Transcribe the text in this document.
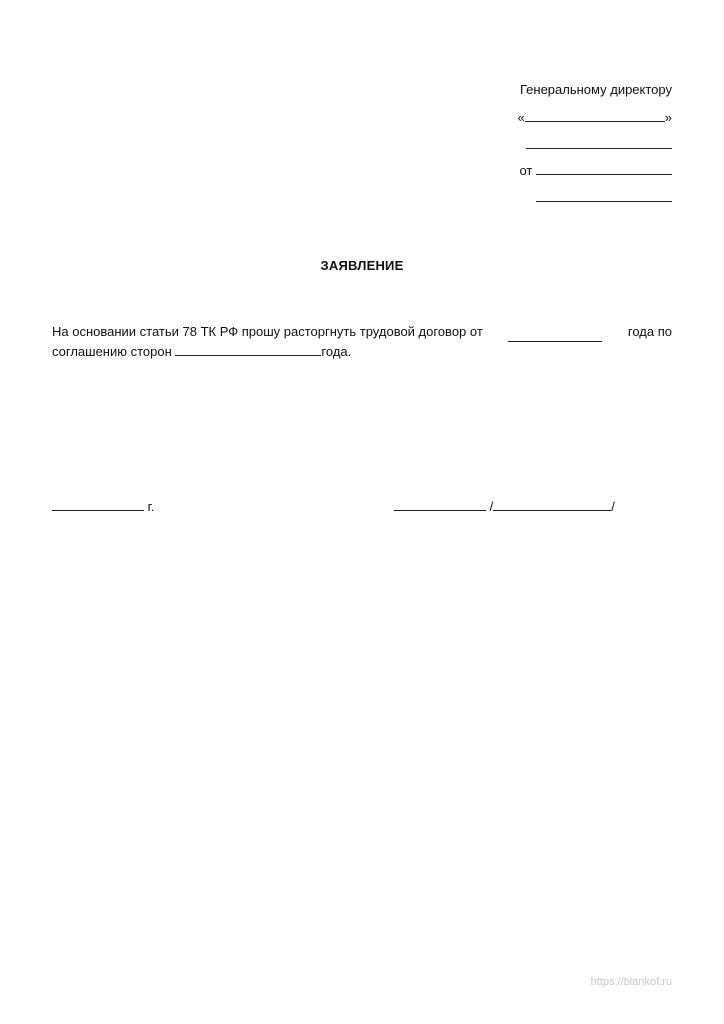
Генеральному директору

«	»

от

ЗАЯВЛЕНИЕ
На основании статьи 78 ТК РФ прошу расторгнуть трудовой договор от	года по
соглашению сторон	года.
г.	/	/
https://blankof.ru
